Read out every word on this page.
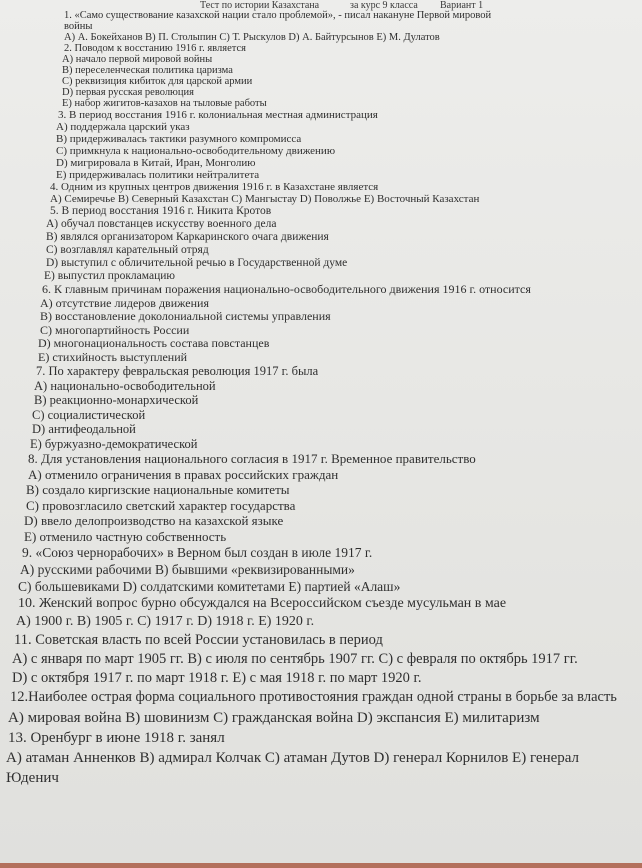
Тест по истории Казахстана	за курс 9 класса Вариант 1
1. «Само существование казахской нации стало проблемой», - писал накануне Первой мировой
войны
А) А. Бокейханов В) П. Столыпин С) Т. Рыскулов D) А. Байтурсынов Е) М. Дулатов
2. Поводом к восстанию 1916 г. является
А) начало первой мировой войны
В) переселенческая политика царизма
С) реквизиция кибиток для царской армии
D) первая русская революция
Е) набор жигитов-казахов на тыловые работы
3. В период восстания 1916 г. колониальная местная администрация
А) поддержала царский указ
В) придерживалась тактики разумного компромисса
С) примкнула к национально-освободительному движению
D) мигрировала в Китай, Иран, Монголию
Е) придерживалась политики нейтралитета
4. Одним из крупных центров движения 1916 г. в Казахстане является
А) Семиречье В) Северный Казахстан С) Мангыстау D) Поволжье Е) Восточный Казахстан
5. В период восстания 1916 г. Никита Кротов
А) обучал повстанцев искусству военного дела
В) являлся организатором Каркаринского очага движения
С) возглавлял карательный отряд
D) выступил с обличительной речью в Государственной думе
Е) выпустил прокламацию
6. К главным причинам поражения национально-освободительного движения 1916 г. относится
А) отсутствие лидеров движения
В) восстановление доколониальной системы управления
С) многопартийность России
D) многонациональность состава повстанцев
Е) стихийность выступлений
7. По характеру февральская революция 1917 г. была
А) национально-освободительной
В) реакционно-монархической
С) социалистической
D) антифеодальной
Е) буржуазно-демократической
8. Для установления национального согласия в 1917 г. Временное правительство
А) отменило ограничения в правах российских граждан
В) создало киргизские национальные комитеты
С) провозгласило светский характер государства
D) ввело делопроизводство на казахской языке
Е) отменило частную собственность
9. «Союз чернорабочих» в Верном был создан в июле 1917 г.
А) русскими рабочими В) бывшими «реквизированными»
С) большевиками D) солдатскими комитетами Е) партией «Алаш»
10. Женский вопрос бурно обсуждался на Всероссийском съезде мусульман в мае
А) 1900 г. В) 1905 г. С) 1917 г. D) 1918 г. Е) 1920 г.
11. Советская власть по всей России установилась в период
А) с января по март 1905 гг. В) с июля по сентябрь 1907 гг. С) с февраля по октябрь 1917 гг.
D) с октября 1917 г. по март 1918 г. Е) с мая 1918 г. по март 1920 г.
12.Наиболее острая форма социального противостояния граждан одной страны в борьбе за власть
А) мировая война В) шовинизм С) гражданская война D) экспансия Е) милитаризм
13. Оренбург в июне 1918 г. занял
А) атаман Анненков В) адмирал Колчак С) атаман Дутов D) генерал Корнилов Е) генерал
Юденич
